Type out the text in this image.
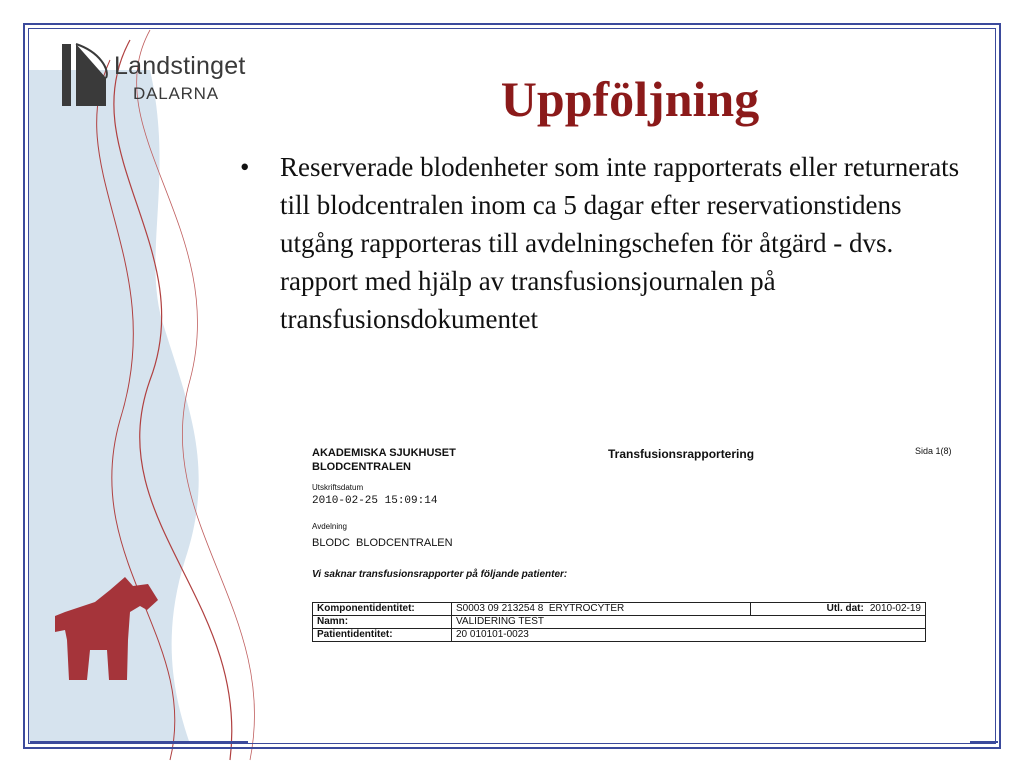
Landstinget
DALARNA	Uppföljning
•	Reserverade blodenheter som inte rapporterats eller returnerats till blodcentralen inom ca 5 dagar efter reservationstidens utgång rapporteras till avdelningschefen för åtgärd - dvs. rapport med hjälp av transfusionsjournalen på transfusionsdokumentet
AKADEMISKA SJUKHUSET
BLODCENTRALEN
Transfusionsrapportering	Sida 1(8)
Utskriftsdatum
2010-02-25 15:09:14
Avdelning
BLODC  BLODCENTRALEN
Vi saknar transfusionsrapporter på följande patienter:
Komponentidentitet:	S0003 09 213254 8  ERYTROCYTER	Utl. dat: 2010-02-19
Namn:	VALIDERING TEST	
Patientidentitet:	20 010101-0023	
